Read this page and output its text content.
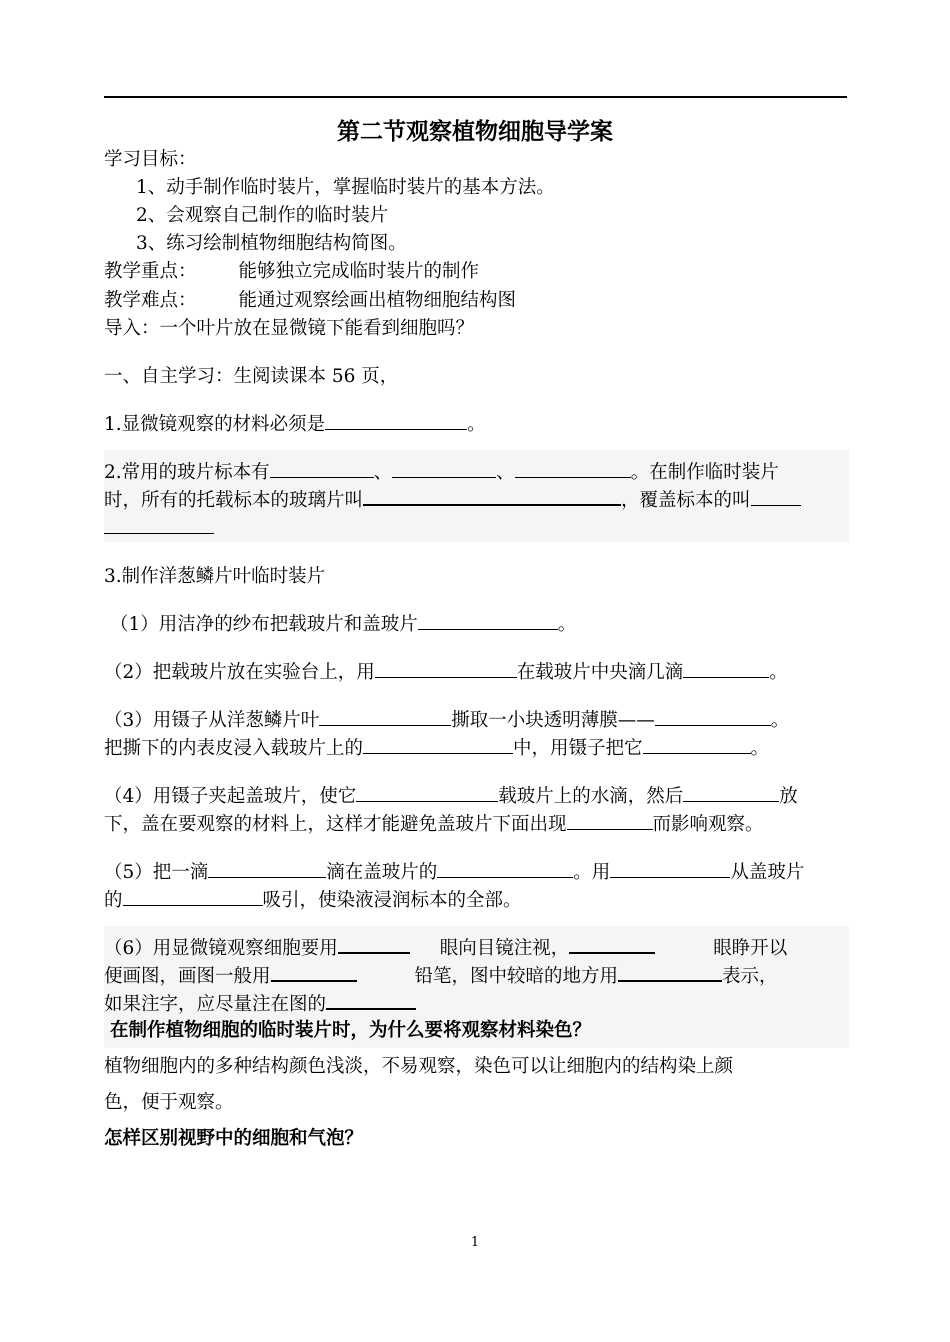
第二节观察植物细胞导学案
学习目标：
1、动手制作临时装片，掌握临时装片的基本方法。
2、会观察自己制作的临时装片
3、练习绘制植物细胞结构简图。
教学重点： 能够独立完成临时装片的制作
教学难点： 能通过观察绘画出植物细胞结构图
导入：一个叶片放在显微镜下能看到细胞吗？
一、自主学习：生阅读课本 56 页，
1.显微镜观察的材料必须是	。
2.常用的玻片标本有	、	、	。在制作临时装片
时，所有的托载标本的玻璃片叫	，覆盖标本的叫
3.制作洋葱鳞片叶临时装片
（1）用洁净的纱布把载玻片和盖玻片	。
（2）把载玻片放在实验台上，用	在载玻片中央滴几滴	。
（3）用镊子从洋葱鳞片叶	撕取一小块透明薄膜——	。
把撕下的内表皮浸入载玻片上的	中，用镊子把它	。
（4）用镊子夹起盖玻片，使它	载玻片上的水滴，然后	放
下，盖在要观察的材料上，这样才能避免盖玻片下面出现	而影响观察。
（5）把一滴	滴在盖玻片的	。用	从盖玻片
的	吸引，使染液浸润标本的全部。
（6）用显微镜观察细胞要用	眼向目镜注视，	眼睁开以
便画图，画图一般用	铅笔，图中较暗的地方用	表示，
如果注字，应尽量注在图的
在制作植物细胞的临时装片时，为什么要将观察材料染色？
植物细胞内的多种结构颜色浅淡，不易观察，染色可以让细胞内的结构染上颜
色，便于观察。
怎样区别视野中的细胞和气泡？
1
